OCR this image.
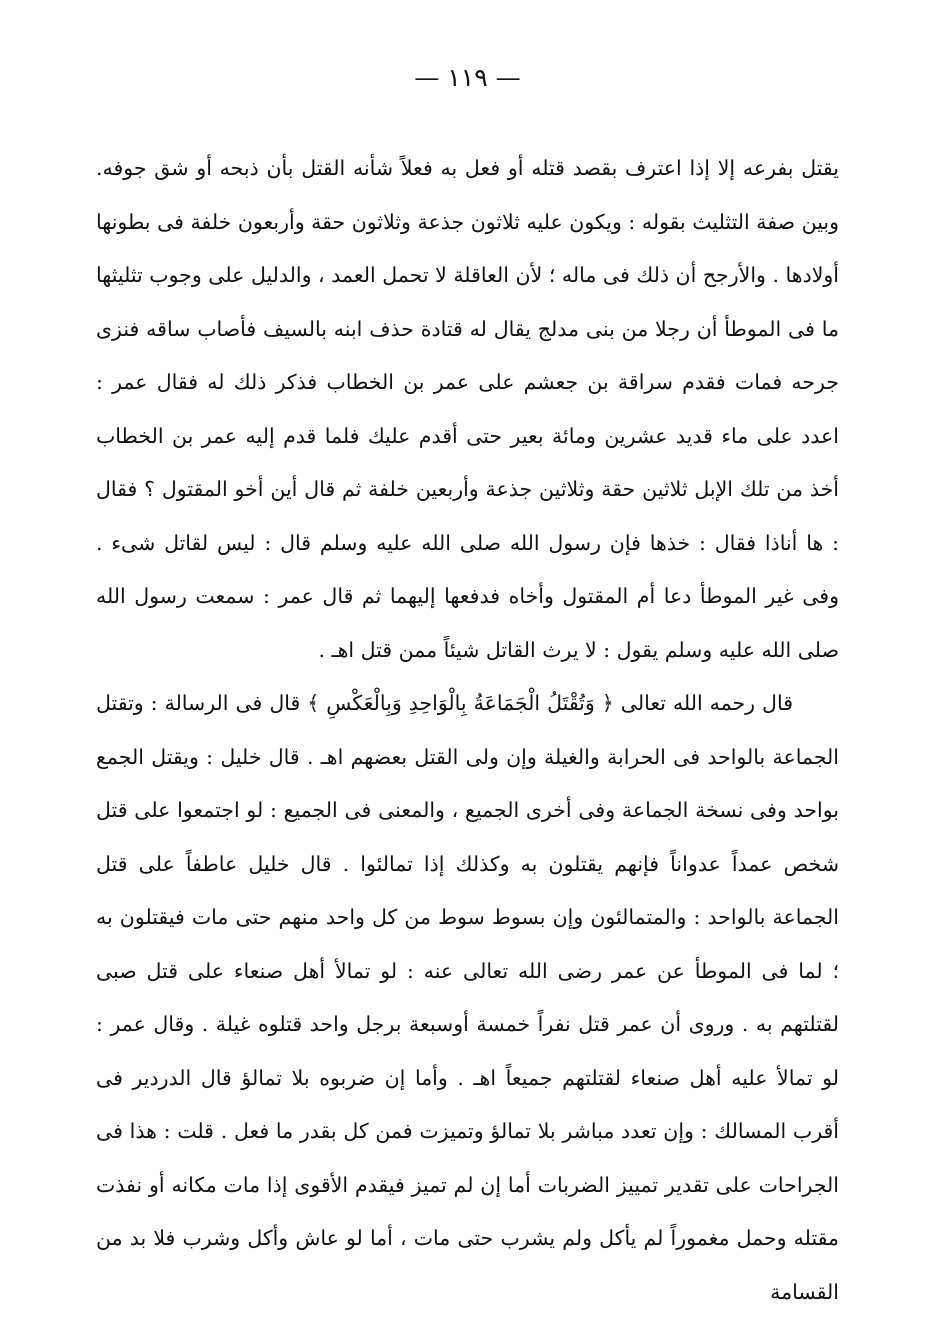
— ١١٩ —

يقتل بفرعه إلا إذا اعترف بقصد قتله أو فعل به فعلاً شأنه القتل بأن ذبحه أو شق جوفه. وبين صفة التثليث بقوله : ويكون عليه ثلاثون جذعة وثلاثون حقة وأربعون خلفة فى بطونها أولادها . والأرجح أن ذلك فى ماله ؛ لأن العاقلة لا تحمل العمد ، والدليل على وجوب تثليثها ما فى الموطأ أن رجلا من بنى مدلج يقال له قتادة حذف ابنه بالسيف فأصاب ساقه فنزى جرحه فمات فقدم سراقة بن جعشم على عمر بن الخطاب فذكر ذلك له فقال عمر : اعدد على ماء قديد عشرين ومائة بعير حتى أقدم عليك فلما قدم إليه عمر بن الخطاب أخذ من تلك الإبل ثلاثين حقة وثلاثين جذعة وأربعين خلفة ثم قال أين أخو المقتول ؟ فقال : ها أناذا فقال : خذها فإن رسول الله صلى الله عليه وسلم قال : ليس لقاتل شىء . وفى غير الموطأ دعا أم المقتول وأخاه فدفعها إليهما ثم قال عمر : سمعت رسول الله صلى الله عليه وسلم يقول : لا يرث القاتل شيئاً ممن قتل اهـ .

قال رحمه الله تعالى ﴿ وَتُقْتَلُ الْجَمَاعَةُ بِالْوَاحِدِ وَبِالْعَكْسِ ﴾ قال فى الرسالة : وتقتل الجماعة بالواحد فى الحرابة والغيلة وإن ولى القتل بعضهم اهـ . قال خليل : ويقتل الجمع بواحد وفى نسخة الجماعة وفى أخرى الجميع ، والمعنى فى الجميع : لو اجتمعوا على قتل شخص عمداً عدواناً فإنهم يقتلون به وكذلك إذا تمالئوا . قال خليل عاطفاً على قتل الجماعة بالواحد : والمتمالئون وإن بسوط سوط من كل واحد منهم حتى مات فيقتلون به ؛ لما فى الموطأ عن عمر رضى الله تعالى عنه : لو تمالأ أهل صنعاء على قتل صبى لقتلتهم به . وروى أن عمر قتل نفراً خمسة أوسبعة برجل واحد قتلوه غيلة . وقال عمر : لو تمالأ عليه أهل صنعاء لقتلتهم جميعاً اهـ . وأما إن ضربوه بلا تمالؤ قال الدردير فى أقرب المسالك : وإن تعدد مباشر بلا تمالؤ وتميزت فمن كل بقدر ما فعل . قلت : هذا فى الجراحات على تقدير تمييز الضربات أما إن لم تميز فيقدم الأقوى إذا مات مكانه أو نفذت مقتله وحمل مغموراً لم يأكل ولم يشرب حتى مات ، أما لو عاش وأكل وشرب فلا بد من القسامة
